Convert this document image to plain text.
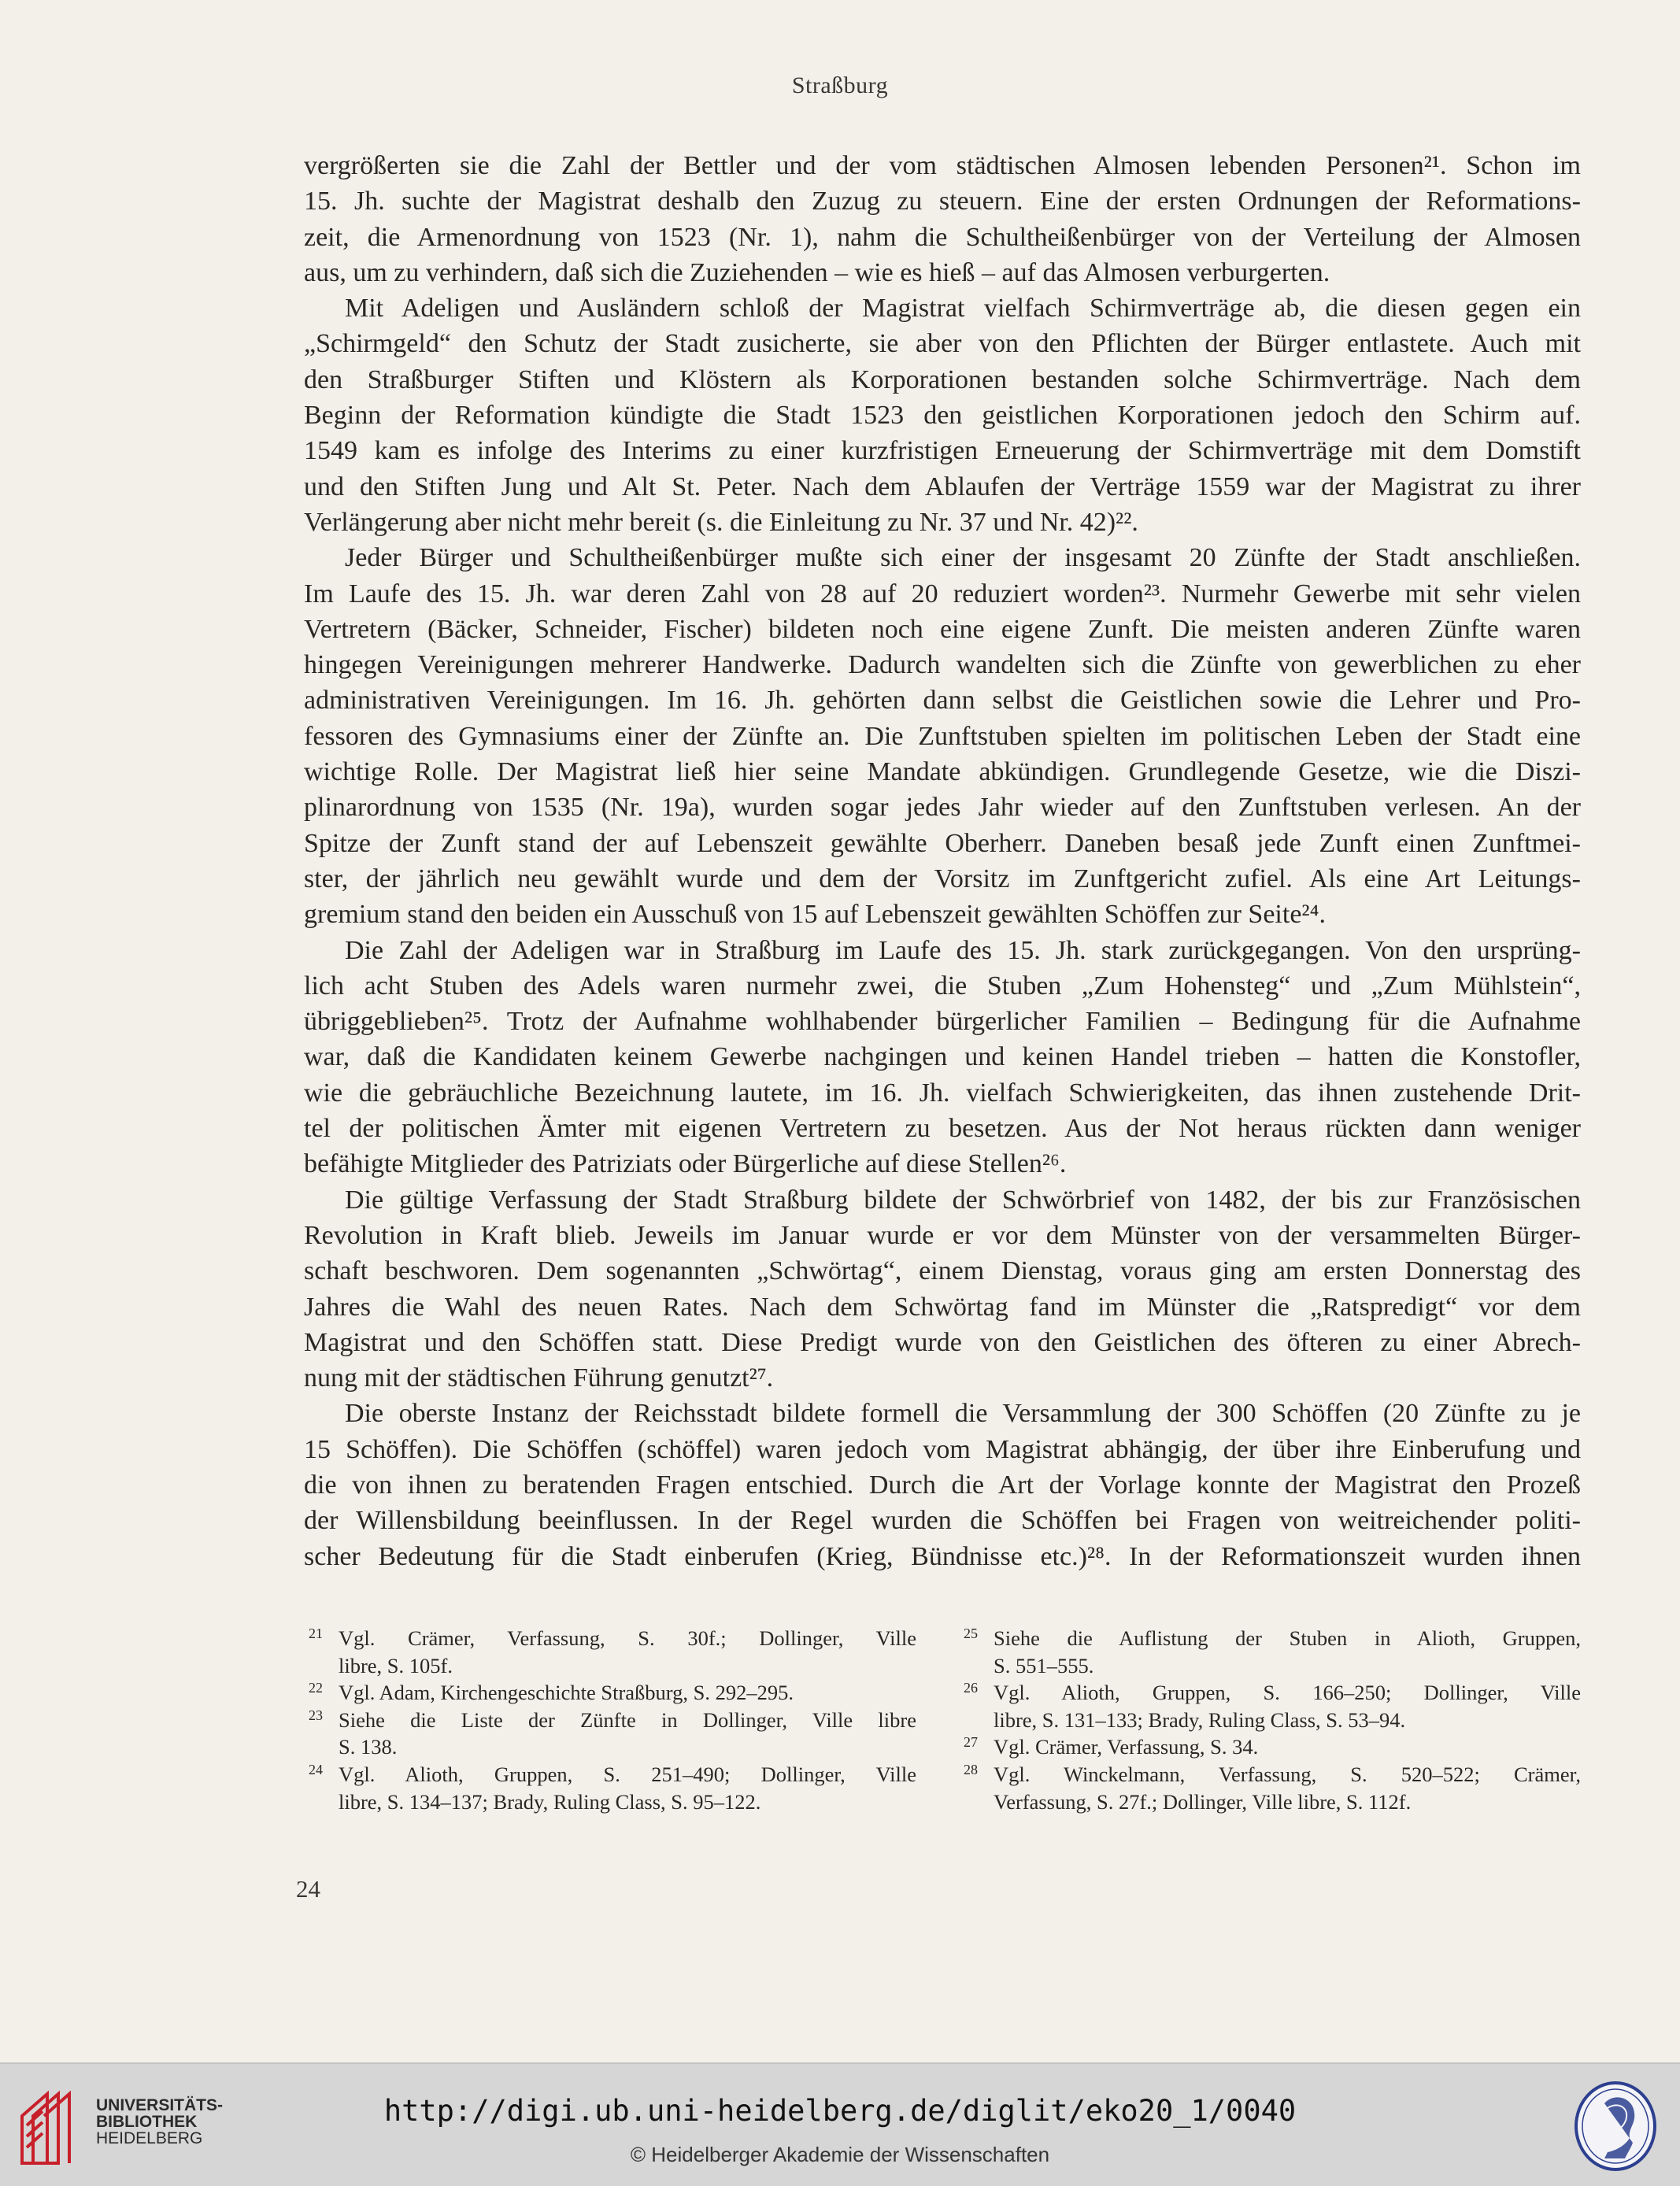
Straßburg
vergrößerten sie die Zahl der Bettler und der vom städtischen Almosen lebenden Personen²¹. Schon im
15. Jh. suchte der Magistrat deshalb den Zuzug zu steuern. Eine der ersten Ordnungen der Reformations-
zeit, die Armenordnung von 1523 (Nr. 1), nahm die Schultheißenbürger von der Verteilung der Almosen
aus, um zu verhindern, daß sich die Zuziehenden – wie es hieß – auf das Almosen verburgerten.
Mit Adeligen und Ausländern schloß der Magistrat vielfach Schirmverträge ab, die diesen gegen ein
„Schirmgeld“ den Schutz der Stadt zusicherte, sie aber von den Pflichten der Bürger entlastete. Auch mit
den Straßburger Stiften und Klöstern als Korporationen bestanden solche Schirmverträge. Nach dem
Beginn der Reformation kündigte die Stadt 1523 den geistlichen Korporationen jedoch den Schirm auf.
1549 kam es infolge des Interims zu einer kurzfristigen Erneuerung der Schirmverträge mit dem Domstift
und den Stiften Jung und Alt St. Peter. Nach dem Ablaufen der Verträge 1559 war der Magistrat zu ihrer
Verlängerung aber nicht mehr bereit (s. die Einleitung zu Nr. 37 und Nr. 42)²².
Jeder Bürger und Schultheißenbürger mußte sich einer der insgesamt 20 Zünfte der Stadt anschließen.
Im Laufe des 15. Jh. war deren Zahl von 28 auf 20 reduziert worden²³. Nurmehr Gewerbe mit sehr vielen
Vertretern (Bäcker, Schneider, Fischer) bildeten noch eine eigene Zunft. Die meisten anderen Zünfte waren
hingegen Vereinigungen mehrerer Handwerke. Dadurch wandelten sich die Zünfte von gewerblichen zu eher
administrativen Vereinigungen. Im 16. Jh. gehörten dann selbst die Geistlichen sowie die Lehrer und Pro-
fessoren des Gymnasiums einer der Zünfte an. Die Zunftstuben spielten im politischen Leben der Stadt eine
wichtige Rolle. Der Magistrat ließ hier seine Mandate abkündigen. Grundlegende Gesetze, wie die Diszi-
plinarordnung von 1535 (Nr. 19a), wurden sogar jedes Jahr wieder auf den Zunftstuben verlesen. An der
Spitze der Zunft stand der auf Lebenszeit gewählte Oberherr. Daneben besaß jede Zunft einen Zunftmei-
ster, der jährlich neu gewählt wurde und dem der Vorsitz im Zunftgericht zufiel. Als eine Art Leitungs-
gremium stand den beiden ein Ausschuß von 15 auf Lebenszeit gewählten Schöffen zur Seite²⁴.
Die Zahl der Adeligen war in Straßburg im Laufe des 15. Jh. stark zurückgegangen. Von den ursprüng-
lich acht Stuben des Adels waren nurmehr zwei, die Stuben „Zum Hohensteg“ und „Zum Mühlstein“,
übriggeblieben²⁵. Trotz der Aufnahme wohlhabender bürgerlicher Familien – Bedingung für die Aufnahme
war, daß die Kandidaten keinem Gewerbe nachgingen und keinen Handel trieben – hatten die Konstofler,
wie die gebräuchliche Bezeichnung lautete, im 16. Jh. vielfach Schwierigkeiten, das ihnen zustehende Drit-
tel der politischen Ämter mit eigenen Vertretern zu besetzen. Aus der Not heraus rückten dann weniger
befähigte Mitglieder des Patriziats oder Bürgerliche auf diese Stellen²⁶.
Die gültige Verfassung der Stadt Straßburg bildete der Schwörbrief von 1482, der bis zur Französischen
Revolution in Kraft blieb. Jeweils im Januar wurde er vor dem Münster von der versammelten Bürger-
schaft beschworen. Dem sogenannten „Schwörtag“, einem Dienstag, voraus ging am ersten Donnerstag des
Jahres die Wahl des neuen Rates. Nach dem Schwörtag fand im Münster die „Ratspredigt“ vor dem
Magistrat und den Schöffen statt. Diese Predigt wurde von den Geistlichen des öfteren zu einer Abrech-
nung mit der städtischen Führung genutzt²⁷.
Die oberste Instanz der Reichsstadt bildete formell die Versammlung der 300 Schöffen (20 Zünfte zu je
15 Schöffen). Die Schöffen (schöffel) waren jedoch vom Magistrat abhängig, der über ihre Einberufung und
die von ihnen zu beratenden Fragen entschied. Durch die Art der Vorlage konnte der Magistrat den Prozeß
der Willensbildung beeinflussen. In der Regel wurden die Schöffen bei Fragen von weitreichender politi-
scher Bedeutung für die Stadt einberufen (Krieg, Bündnisse etc.)²⁸. In der Reformationszeit wurden ihnen
21 Vgl. Crämer, Verfassung, S. 30f.; Dollinger, Ville
libre, S. 105f.
22 Vgl. Adam, Kirchengeschichte Straßburg, S. 292–295.
23 Siehe die Liste der Zünfte in Dollinger, Ville libre
S. 138.
24 Vgl. Alioth, Gruppen, S. 251–490; Dollinger, Ville
libre, S. 134–137; Brady, Ruling Class, S. 95–122.
25 Siehe die Auflistung der Stuben in Alioth, Gruppen,
S. 551–555.
26 Vgl. Alioth, Gruppen, S. 166–250; Dollinger, Ville
libre, S. 131–133; Brady, Ruling Class, S. 53–94.
27 Vgl. Crämer, Verfassung, S. 34.
28 Vgl. Winckelmann, Verfassung, S. 520–522; Crämer,
Verfassung, S. 27f.; Dollinger, Ville libre, S. 112f.
24
UNIVERSITÄTS-
BIBLIOTHEK
HEIDELBERG
http://digi.ub.uni-heidelberg.de/diglit/eko20_1/0040
© Heidelberger Akademie der Wissenschaften
